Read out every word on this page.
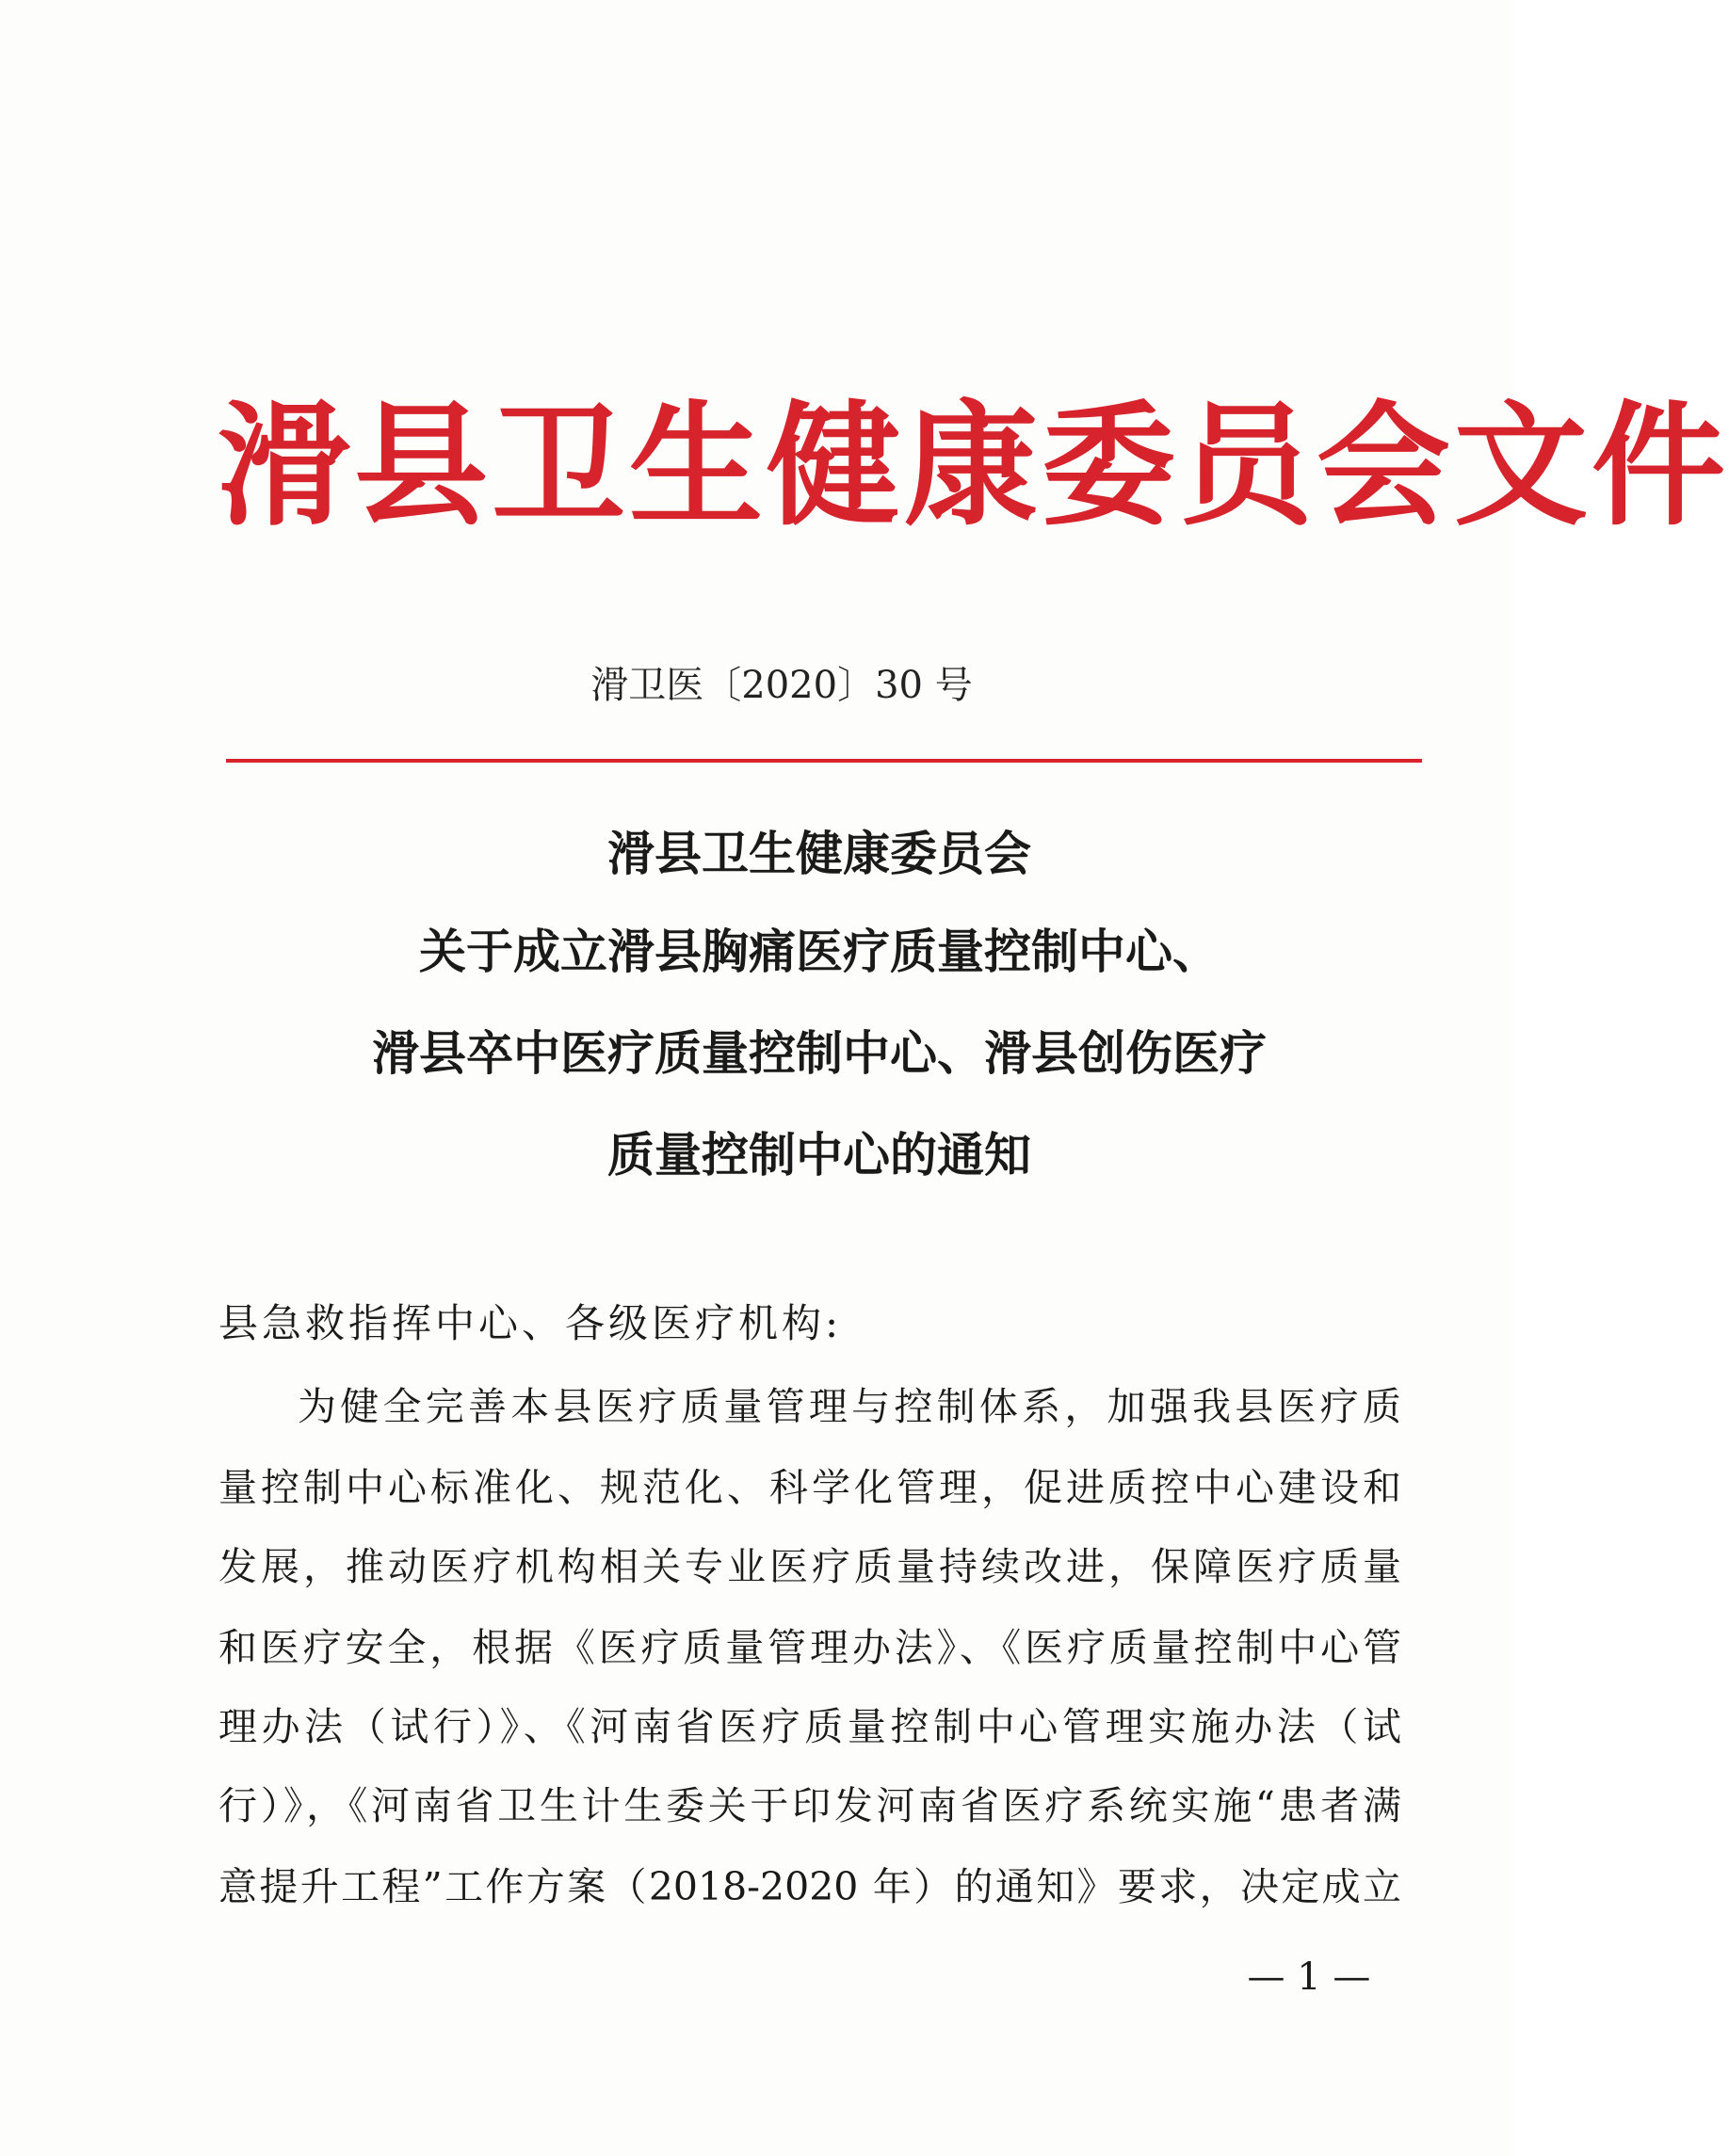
滑县卫生健康委员会文件
滑卫医〔2020〕30 号
滑县卫生健康委员会
关于成立滑县胸痛医疗质量控制中心、
滑县卒中医疗质量控制中心、滑县创伤医疗
质量控制中心的通知
县急救指挥中心、各级医疗机构:
为健全完善本县医疗质量管理与控制体系，加强我县医疗质
量控制中心标准化、规范化、科学化管理，促进质控中心建设和
发展，推动医疗机构相关专业医疗质量持续改进，保障医疗质量
和医疗安全，根据《医疗质量管理办法》、《医疗质量控制中心管
理办法（试行）》、《河南省医疗质量控制中心管理实施办法（试
行）》，《河南省卫生计生委关于印发河南省医疗系统实施“患者满
意提升工程”工作方案（2018-2020 年）的通知》要求，决定成立
— 1 —
